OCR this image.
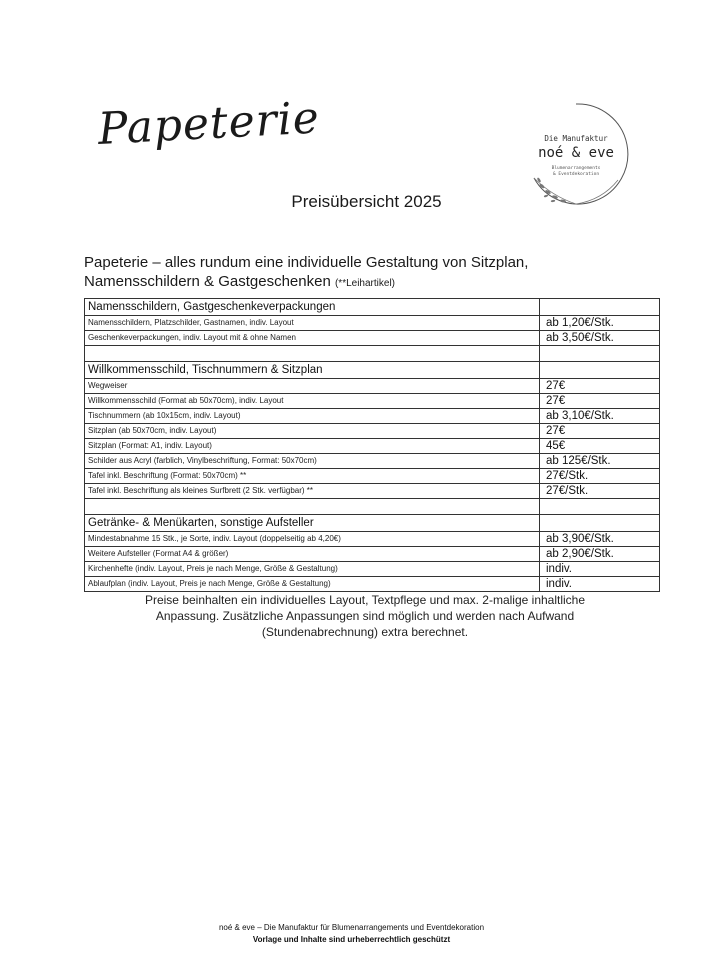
Papeterie	Die Manufaktur
noé & eve
Blumenarrangements
& Eventdekoration
Preisübersicht 2025
Papeterie – alles rundum eine individuelle Gestaltung von Sitzplan,
Namensschildern & Gastgeschenken (**Leihartikel)
Namensschildern, Gastgeschenkeverpackungen	
Namensschildern, Platzschilder, Gastnamen, indiv. Layout	ab 1,20€/Stk.
Geschenkeverpackungen, indiv. Layout mit & ohne Namen	ab 3,50€/Stk.

Willkommensschild, Tischnummern & Sitzplan	
Wegweiser	27€
Willkommensschild (Format ab 50x70cm), indiv. Layout	27€
Tischnummern (ab 10x15cm, indiv. Layout)	ab 3,10€/Stk.
Sitzplan (ab 50x70cm, indiv. Layout)	27€
Sitzplan (Format: A1, indiv. Layout)	45€
Schilder aus Acryl (farblich, Vinylbeschriftung, Format: 50x70cm)	ab 125€/Stk.
Tafel inkl. Beschriftung (Format: 50x70cm) **	27€/Stk.
Tafel inkl. Beschriftung als kleines Surfbrett (2 Stk. verfügbar) **	27€/Stk.

Getränke- & Menükarten, sonstige Aufsteller	
Mindestabnahme 15 Stk., je Sorte, indiv. Layout (doppelseitig ab 4,20€)	ab 3,90€/Stk.
Weitere Aufsteller (Format A4 & größer)	ab 2,90€/Stk.
Kirchenhefte (indiv. Layout, Preis je nach Menge, Größe & Gestaltung)	indiv.
Ablaufplan (indiv. Layout, Preis je nach Menge, Größe & Gestaltung)	indiv.
Preise beinhalten ein individuelles Layout, Textpflege und max. 2-malige inhaltliche
Anpassung. Zusätzliche Anpassungen sind möglich und werden nach Aufwand
(Stundenabrechnung) extra berechnet.
noé & eve – Die Manufaktur für Blumenarrangements und Eventdekoration
Vorlage und Inhalte sind urheberrechtlich geschützt
